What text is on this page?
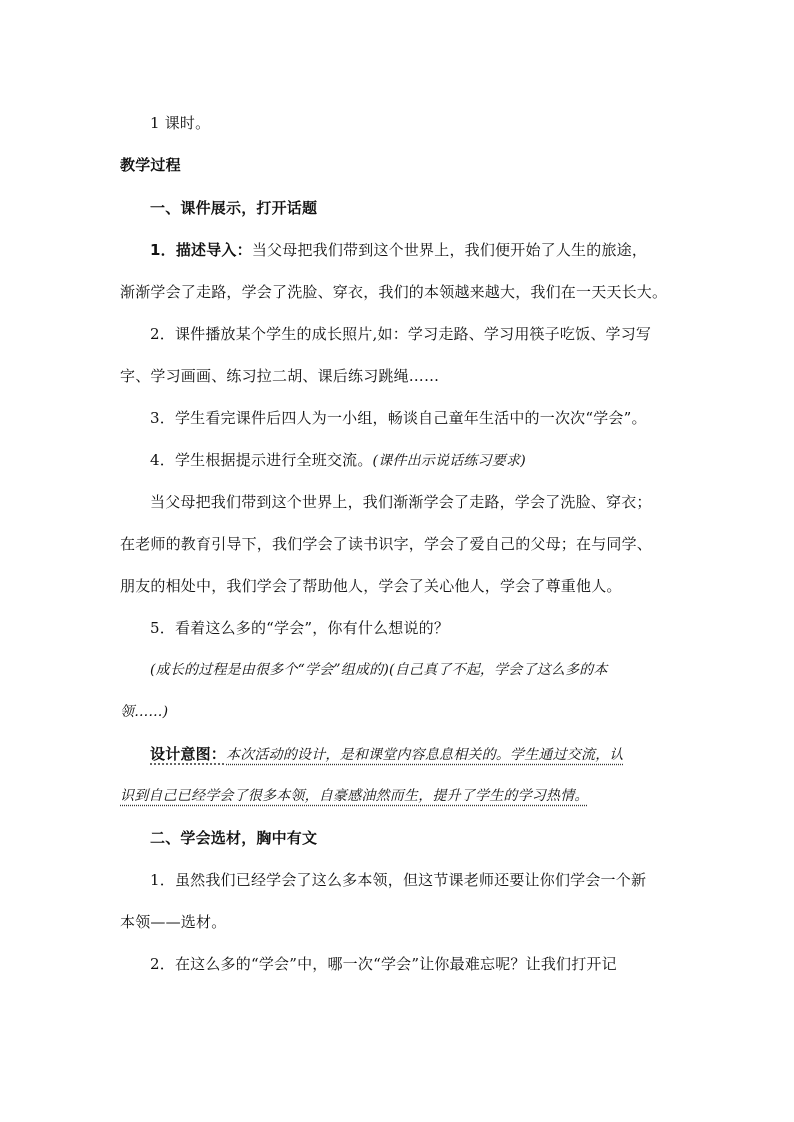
1 课时。
教学过程
一、课件展示，打开话题
1．描述导入：当父母把我们带到这个世界上，我们便开始了人生的旅途，
渐渐学会了走路，学会了洗脸、穿衣，我们的本领越来越大，我们在一天天长大。
2．课件播放某个学生的成长照片,如：学习走路、学习用筷子吃饭、学习写
字、学习画画、练习拉二胡、课后练习跳绳……
3．学生看完课件后四人为一小组，畅谈自己童年生活中的一次次“学会”。
4．学生根据提示进行全班交流。(课件出示说话练习要求)
当父母把我们带到这个世界上，我们渐渐学会了走路，学会了洗脸、穿衣；
在老师的教育引导下，我们学会了读书识字，学会了爱自己的父母；在与同学、
朋友的相处中，我们学会了帮助他人，学会了关心他人，学会了尊重他人。
5．看着这么多的“学会”，你有什么想说的？
(成长的过程是由很多个“学会”组成的)(自己真了不起，学会了这么多的本
领……)
设计意图：本次活动的设计，是和课堂内容息息相关的。学生通过交流，认
识到自己已经学会了很多本领，自豪感油然而生，提升了学生的学习热情。
二、学会选材，胸中有文
1．虽然我们已经学会了这么多本领，但这节课老师还要让你们学会一个新
本领——选材。
2．在这么多的“学会”中，哪一次“学会”让你最难忘呢？让我们打开记
